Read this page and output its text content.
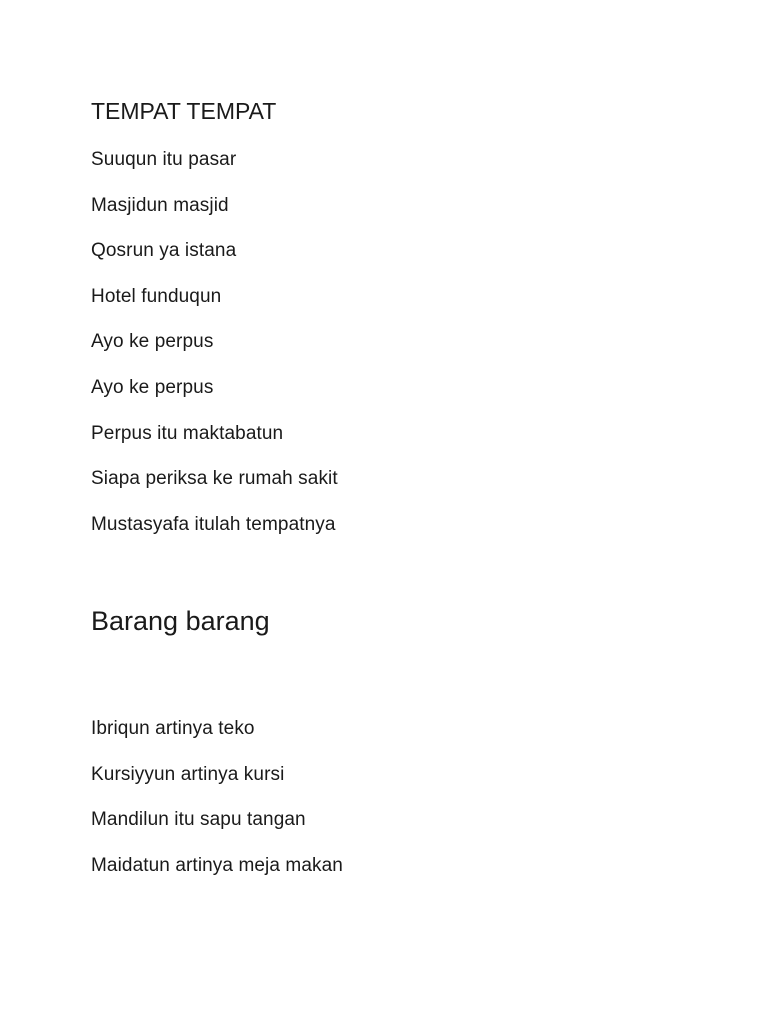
TEMPAT TEMPAT
Suuqun itu pasar
Masjidun masjid
Qosrun ya istana
Hotel funduqun
Ayo ke perpus
Ayo ke perpus
Perpus itu maktabatun
Siapa periksa ke rumah sakit
Mustasyafa itulah tempatnya
Barang barang
Ibriqun artinya teko
Kursiyyun artinya kursi
Mandilun itu sapu tangan
Maidatun artinya meja makan
